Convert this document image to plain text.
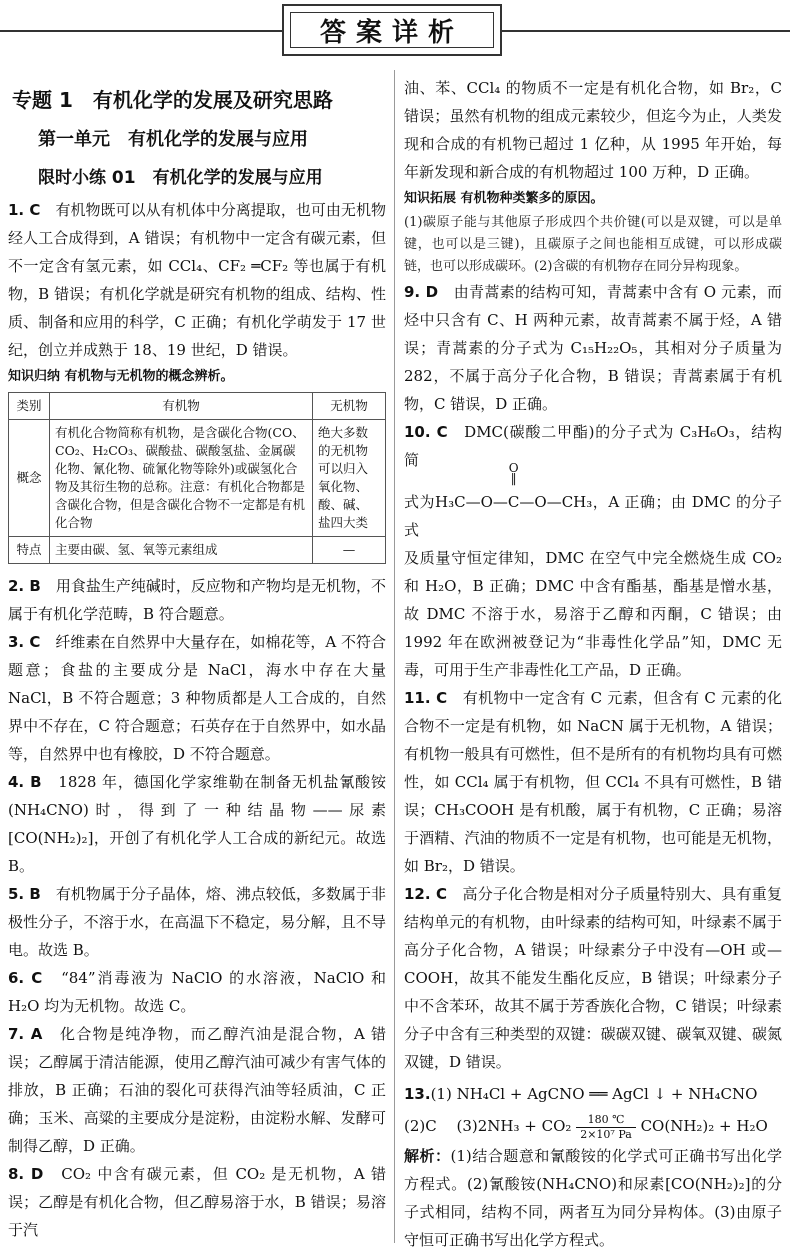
答案详析
专题 1　有机化学的发展及研究思路
第一单元　有机化学的发展与应用
限时小练 01　有机化学的发展与应用

1. C　 有机物既可以从有机体中分离提取，也可由无机物经人工合成得到，A 错误；有机物中一定含有碳元素，但不一定含有氢元素，如 CCl₄、CF₂ ═CF₂ 等也属于有机物，B 错误；有机化学就是研究有机物的组成、结构、性质、制备和应用的科学，C 正确；有机化学萌发于 17 世纪，创立并成熟于 18、19 世纪，D 错误。

知识归纳 有机物与无机物的概念辨析。
类别	有机物	无机物
概念	有机化合物简称有机物，是含碳化合物(CO、CO₂、H₂CO₃、碳酸盐、碳酸氢盐、金属碳化物、氰化物、硫氰化物等除外)或碳氢化合物及其衍生物的总称。注意：有机化合物都是含碳化合物，但是含碳化合物不一定都是有机化合物	绝大多数的无机物可以归入氧化物、酸、碱、盐四大类
特点	主要由碳、氢、氧等元素组成	—

2. B　 用食盐生产纯碱时，反应物和产物均是无机物，不属于有机化学范畴，B 符合题意。

3. C　 纤维素在自然界中大量存在，如棉花等，A 不符合题意；食盐的主要成分是 NaCl，海水中存在大量 NaCl，B 不符合题意；3 种物质都是人工合成的，自然界中不存在，C 符合题意；石英存在于自然界中，如水晶等，自然界中也有橡胶，D 不符合题意。

4. B　 1828 年，德国化学家维勒在制备无机盐氰酸铵(NH₄CNO)时，得到了一种结晶物——尿素[CO(NH₂)₂]，开创了有机化学人工合成的新纪元。故选 B。

5. B　 有机物属于分子晶体，熔、沸点较低，多数属于非极性分子，不溶于水，在高温下不稳定，易分解，且不导电。故选 B。

6. C　 “84”消毒液为 NaClO 的水溶液，NaClO 和 H₂O 均为无机物。故选 C。

7. A　 化合物是纯净物，而乙醇汽油是混合物，A 错误；乙醇属于清洁能源，使用乙醇汽油可减少有害气体的排放，B 正确；石油的裂化可获得汽油等轻质油，C 正确；玉米、高粱的主要成分是淀粉，由淀粉水解、发酵可制得乙醇，D 正确。

8. D　 CO₂ 中含有碳元素，但 CO₂ 是无机物，A 错误；乙醇是有机化合物，但乙醇易溶于水，B 错误；易溶于汽

油、苯、CCl₄ 的物质不一定是有机化合物，如 Br₂，C 错误；虽然有机物的组成元素较少，但迄今为止，人类发现和合成的有机物已超过 1 亿种，从 1995 年开始，每年新发现和新合成的有机物超过 100 万种，D 正确。

知识拓展 有机物种类繁多的原因。

(1)碳原子能与其他原子形成四个共价键(可以是双键，可以是单键，也可以是三键)，且碳原子之间也能相互成键，可以形成碳链，也可以形成碳环。(2)含碳的有机物存在同分异构现象。

9. D　 由青蒿素的结构可知，青蒿素中含有 O 元素，而烃中只含有 C、H 两种元素，故青蒿素不属于烃，A 错误；青蒿素的分子式为 C₁₅H₂₂O₅，其相对分子质量为 282，不属于高分子化合物，B 错误；青蒿素属于有机物，C 错误，D 正确。

10. C　 DMC(碳酸二甲酯)的分子式为 C₃H₆O₃，结构简

式为H₃C—O—
O
‖
C—O—CH₃，A 正确；由 DMC 的分子式

及质量守恒定律知，DMC 在空气中完全燃烧生成 CO₂ 和 H₂O，B 正确；DMC 中含有酯基，酯基是憎水基，故 DMC 不溶于水，易溶于乙醇和丙酮，C 错误；由 1992 年在欧洲被登记为“非毒性化学品”知，DMC 无毒，可用于生产非毒性化工产品，D 正确。

11. C　 有机物中一定含有 C 元素，但含有 C 元素的化合物不一定是有机物，如 NaCN 属于无机物，A 错误；有机物一般具有可燃性，但不是所有的有机物均具有可燃性，如 CCl₄ 属于有机物，但 CCl₄ 不具有可燃性，B 错误；CH₃COOH 是有机酸，属于有机物，C 正确；易溶于酒精、汽油的物质不一定是有机物，也可能是无机物，如 Br₂，D 错误。

12. C　 高分子化合物是相对分子质量特别大、具有重复结构单元的有机物，由叶绿素的结构可知，叶绿素不属于高分子化合物，A 错误；叶绿素分子中没有—OH 或—COOH，故其不能发生酯化反应，B 错误；叶绿素分子中不含苯环，故其不属于芳香族化合物，C 错误；叶绿素分子中含有三种类型的双键：碳碳双键、碳氧双键、碳氮双键，D 错误。

13.(1) NH₄Cl + AgCNO ══ AgCl ↓ + NH₄CNO

(2)C　 $(3)2NH_3 + CO_2 \frac{180 ℃}{\text{2×10⁷ Pa}} CO(NH_2)_2 + H_2O$

解析：(1)结合题意和氰酸铵的化学式可正确书写出化学方程式。(2)氰酸铵(NH₄CNO)和尿素[CO(NH₂)₂]的分子式相同，结构不同，两者互为同分异构体。(3)由原子守恒可正确书写出化学方程式。
